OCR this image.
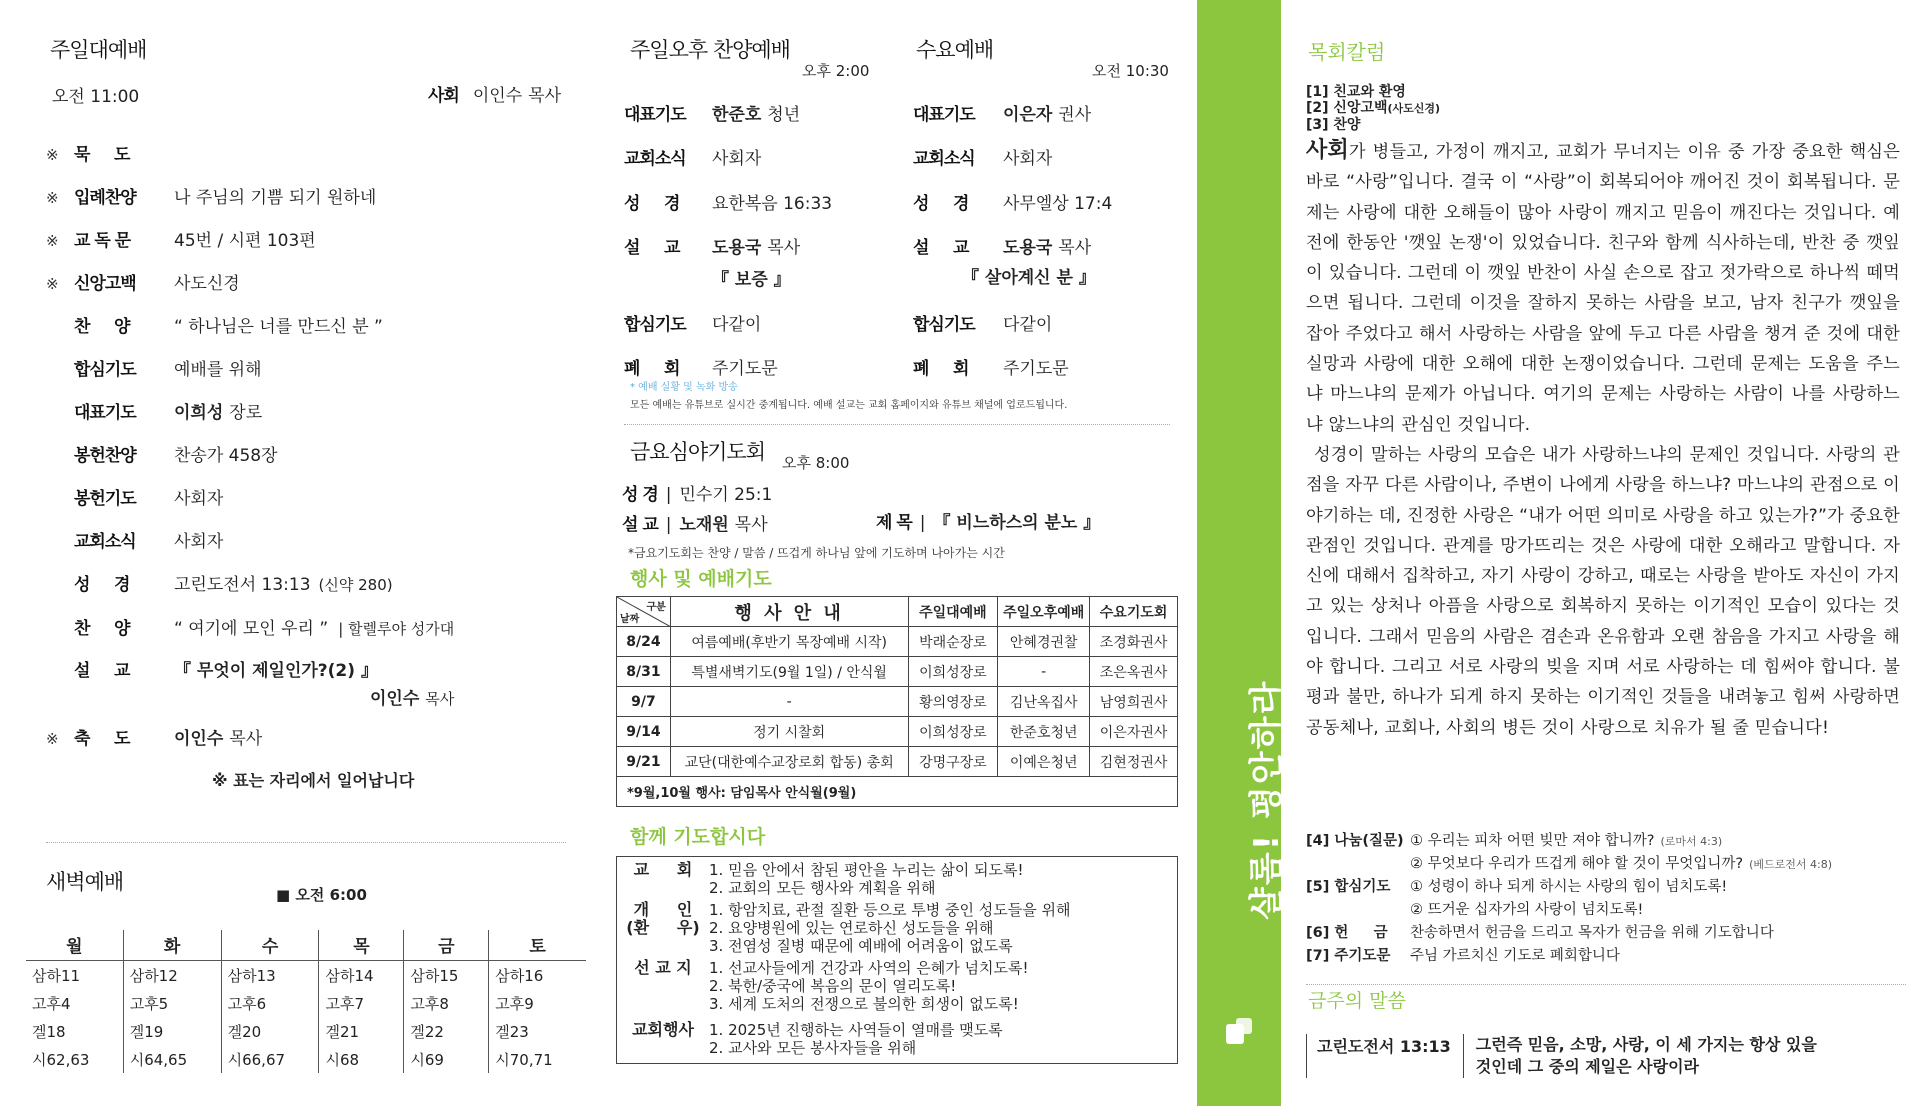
주일대예배
오전 11:00	사회 이인수 목사
※ 묵     도
※ 입례찬양	나 주님의 기쁨 되기 원하네
※ 교 독 문	45번 / 시편 103편
※ 신앙고백	사도신경
찬     양	“ 하나님은 너를 만드신 분 ”
합심기도	예배를 위해
대표기도	이희성 장로
봉헌찬양	찬송가 458장
봉헌기도	사회자
교회소식	사회자
성     경	고린도전서 13:13 (신약 280)
찬     양	“ 여기에 모인 우리 ” | 할렐루야 성가대
설     교	『 무엇이 제일인가?(2) 』
이인수 목사
※ 축     도	이인수 목사
※ 표는 자리에서 일어납니다
새벽예배
■ 오전 6:00
월	화	수	목	금	토
삼하11	삼하12	삼하13	삼하14	삼하15	삼하16
고후4	고후5	고후6	고후7	고후8	고후9
겔18	겔19	겔20	겔21	겔22	겔23
시62,63	시64,65	시66,67	시68	시69	시70,71
주일오후 찬양예배
오후 2:00
대표기도	한준호 청년
교회소식	사회자
성     경	요한복음 16:33
설     교	도용국 목사
『 보증 』
합심기도	다같이
폐     회	주기도문
수요예배
오전 10:30
대표기도	이은자 권사
교회소식	사회자
성     경	사무엘상 17:4
설     교	도용국 목사
『 살아계신 분 』
합심기도	다같이
폐     회	주기도문
* 예배 실황 및 녹화 방송
모든 예배는 유튜브로 실시간 중계됩니다. 예배 설교는 교회 홈페이지와 유튜브 채널에 업로드됩니다.
금요심야기도회 오후 8:00
성 경 | 민수기 25:1
설 교 | 노재원 목사	제 목 | 『 비느하스의 분노 』
*금요기도회는 찬양 / 말씀 / 뜨겁게 하나님 앞에 기도하며 나아가는 시간
행사 및 예배기도
구분
날짜	행 사 안 내	주일대예배	주일오후예배	수요기도회
8/24	여름예배(후반기 목장예배 시작)	박래순장로	안혜경권찰	조경화권사
8/31	특별새벽기도(9월 1일) / 안식월	이희성장로	-	조은옥권사
9/7	-	황의영장로	김난옥집사	남영희권사
9/14	정기 시찰회	이희성장로	한준호청년	이은자권사
9/21	교단(대한예수교장로회 합동) 총회	강명구장로	이예은청년	김현정권사
*9월,10월 행사: 담임목사 안식월(9월)				
함께 기도합시다
교     회	1. 믿음 안에서 참된 평안을 누리는 삶이 되도록!
2. 교회의 모든 행사와 계획을 위해
개     인
(환     우)
1. 항암치료, 관절 질환 등으로 투병 중인 성도들을 위해
2. 요양병원에 있는 연로하신 성도들을 위해
3. 전염성 질병 때문에 예배에 어려움이 없도록
선 교 지	1. 선교사들에게 건강과 사역의 은혜가 넘치도록!
2. 북한/중국에 복음의 문이 열리도록!
3. 세계 도처의 전쟁으로 불의한 희생이 없도록!
교회행사	1. 2025년 진행하는 사역들이 열매를 맺도록
2. 교사와 모든 봉사자들을 위해
샬롬! 평안하라
목회칼럼
[1] 친교와 환영
[2] 신앙고백(사도신경)
[3] 찬양

사회가 병들고, 가정이 깨지고, 교회가 무너지는 이유 중 가장 중요한 핵심은 바로 “사랑”입니다. 결국 이 “사랑”이 회복되어야 깨어진 것이 회복됩니다. 문제는 사랑에 대한 오해들이 많아 사랑이 깨지고 믿음이 깨진다는 것입니다. 예전에 한동안 '깻잎 논쟁'이 있었습니다. 친구와 함께 식사하는데, 반찬 중 깻잎이 있습니다. 그런데 이 깻잎 반찬이 사실 손으로 잡고 젓가락으로 하나씩 떼먹으면 됩니다. 그런데 이것을 잘하지 못하는 사람을 보고, 남자 친구가 깻잎을 잡아 주었다고 해서 사랑하는 사람을 앞에 두고 다른 사람을 챙겨 준 것에 대한 실망과 사랑에 대한 오해에 대한 논쟁이었습니다. 그런데 문제는 도움을 주느냐 마느냐의 문제가 아닙니다. 여기의 문제는 사랑하는 사람이 나를 사랑하느냐 않느냐의 관심인 것입니다.

성경이 말하는 사랑의 모습은 내가 사랑하느냐의 문제인 것입니다. 사랑의 관점을 자꾸 다른 사람이나, 주변이 나에게 사랑을 하느냐? 마느냐의 관점으로 이야기하는 데, 진정한 사랑은 “내가 어떤 의미로 사랑을 하고 있는가?”가 중요한 관점인 것입니다. 관계를 망가뜨리는 것은 사랑에 대한 오해라고 말합니다. 자신에 대해서 집착하고, 자기 사랑이 강하고, 때로는 사랑을 받아도 자신이 가지고 있는 상처나 아픔을 사랑으로 회복하지 못하는 이기적인 모습이 있다는 것입니다. 그래서 믿음의 사람은 겸손과 온유함과 오랜 참음을 가지고 사랑을 해야 합니다. 그리고 서로 사랑의 빚을 지며 서로 사랑하는 데 힘써야 합니다. 불평과 불만, 하나가 되게 하지 못하는 이기적인 것들을 내려놓고 힘써 사랑하면 공동체나, 교회나, 사회의 병든 것이 사랑으로 치유가 될 줄 믿습니다!

[4] 나눔(질문) ① 우리는 피차 어떤 빚만 져야 합니까? (로마서 4:3)
② 무엇보다 우리가 뜨겁게 해야 할 것이 무엇입니까? (베드로전서 4:8)
[5] 합심기도	① 성령이 하나 되게 하시는 사랑의 힘이 넘치도록!
② 뜨거운 십자가의 사랑이 넘치도록!
[6] 헌     금	찬송하면서 헌금을 드리고 목자가 헌금을 위해 기도합니다
[7] 주기도문	주님 가르치신 기도로 폐회합니다
금주의 말씀
고린도전서 13:13	그런즉 믿음, 소망, 사랑, 이 세 가지는 항상 있을
것인데 그 중의 제일은 사랑이라
